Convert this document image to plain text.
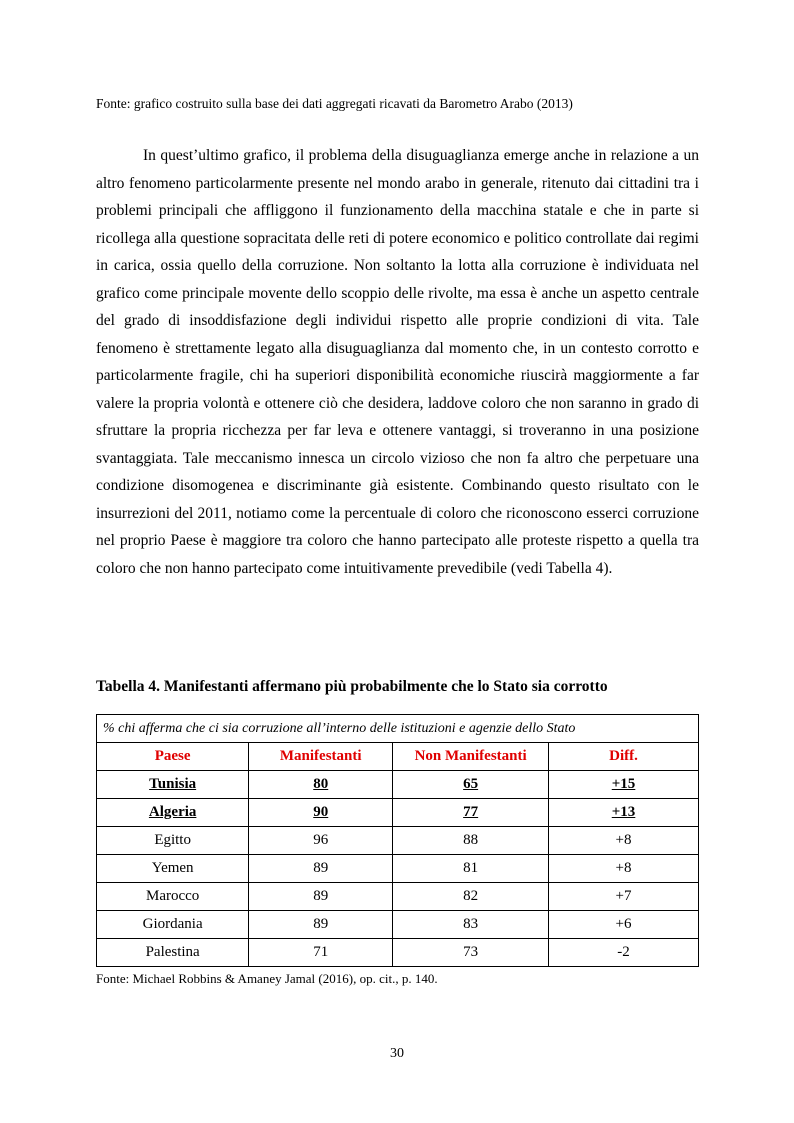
Fonte: grafico costruito sulla base dei dati aggregati ricavati da Barometro Arabo (2013)

In quest’ultimo grafico, il problema della disuguaglianza emerge anche in relazione a un altro fenomeno particolarmente presente nel mondo arabo in generale, ritenuto dai cittadini tra i problemi principali che affliggono il funzionamento della macchina statale e che in parte si ricollega alla questione sopracitata delle reti di potere economico e politico controllate dai regimi in carica, ossia quello della corruzione. Non soltanto la lotta alla corruzione è individuata nel grafico come principale movente dello scoppio delle rivolte, ma essa è anche un aspetto centrale del grado di insoddisfazione degli individui rispetto alle proprie condizioni di vita. Tale fenomeno è strettamente legato alla disuguaglianza dal momento che, in un contesto corrotto e particolarmente fragile, chi ha superiori disponibilità economiche riuscirà maggiormente a far valere la propria volontà e ottenere ciò che desidera, laddove coloro che non saranno in grado di sfruttare la propria ricchezza per far leva e ottenere vantaggi, si troveranno in una posizione svantaggiata. Tale meccanismo innesca un circolo vizioso che non fa altro che perpetuare una condizione disomogenea e discriminante già esistente. Combinando questo risultato con le insurrezioni del 2011, notiamo come la percentuale di coloro che riconoscono esserci corruzione nel proprio Paese è maggiore tra coloro che hanno partecipato alle proteste rispetto a quella tra coloro che non hanno partecipato come intuitivamente prevedibile (vedi Tabella 4).

Tabella 4. Manifestanti affermano più probabilmente che lo Stato sia corrotto
% chi afferma che ci sia corruzione all’interno delle istituzioni e agenzie dello Stato			
Paese	Manifestanti	Non Manifestanti	Diff.
Tunisia	80	65	+15
Algeria	90	77	+13
Egitto	96	88	+8
Yemen	89	81	+8
Marocco	89	82	+7
Giordania	89	83	+6
Palestina	71	73	-2
Fonte: Michael Robbins & Amaney Jamal (2016), op. cit., p. 140.
30
